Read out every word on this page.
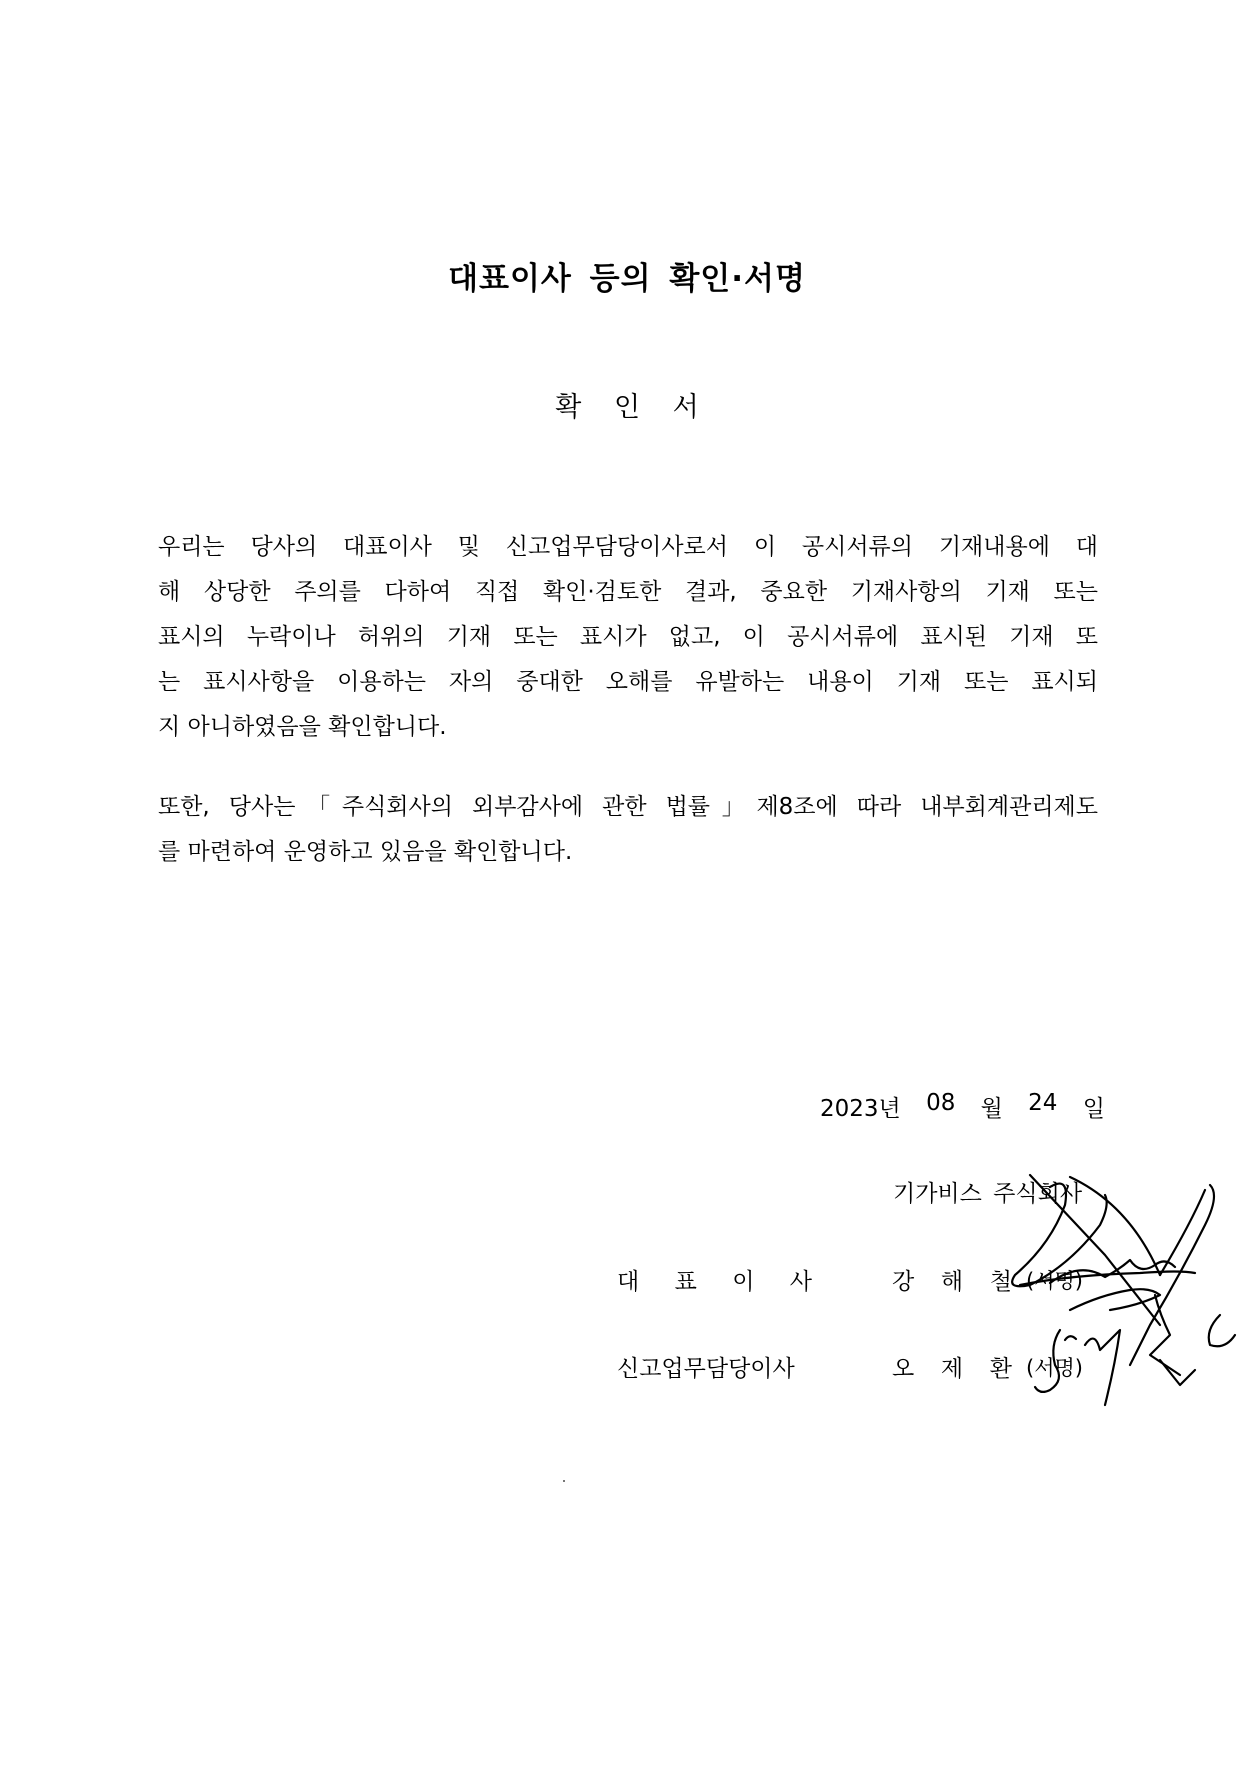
대표이사 등의 확인·서명
확 인 서
우리는 당사의 대표이사 및 신고업무담당이사로서 이 공시서류의 기재내용에 대
해 상당한 주의를 다하여 직접 확인·검토한 결과, 중요한 기재사항의 기재 또는
표시의 누락이나 허위의 기재 또는 표시가 없고, 이 공시서류에 표시된 기재 또
는 표시사항을 이용하는 자의 중대한 오해를 유발하는 내용이 기재 또는 표시되
지 아니하였음을 확인합니다.
또한, 당사는「주식회사의 외부감사에 관한 법률」제8조에 따라 내부회계관리제도
를 마련하여 운영하고 있음을 확인합니다.
2023년 08 월 24 일
기가비스 주식회사
대 표 이 사	강 해 철 (서명)
신고업무담당이사	오 제 환 (서명)
